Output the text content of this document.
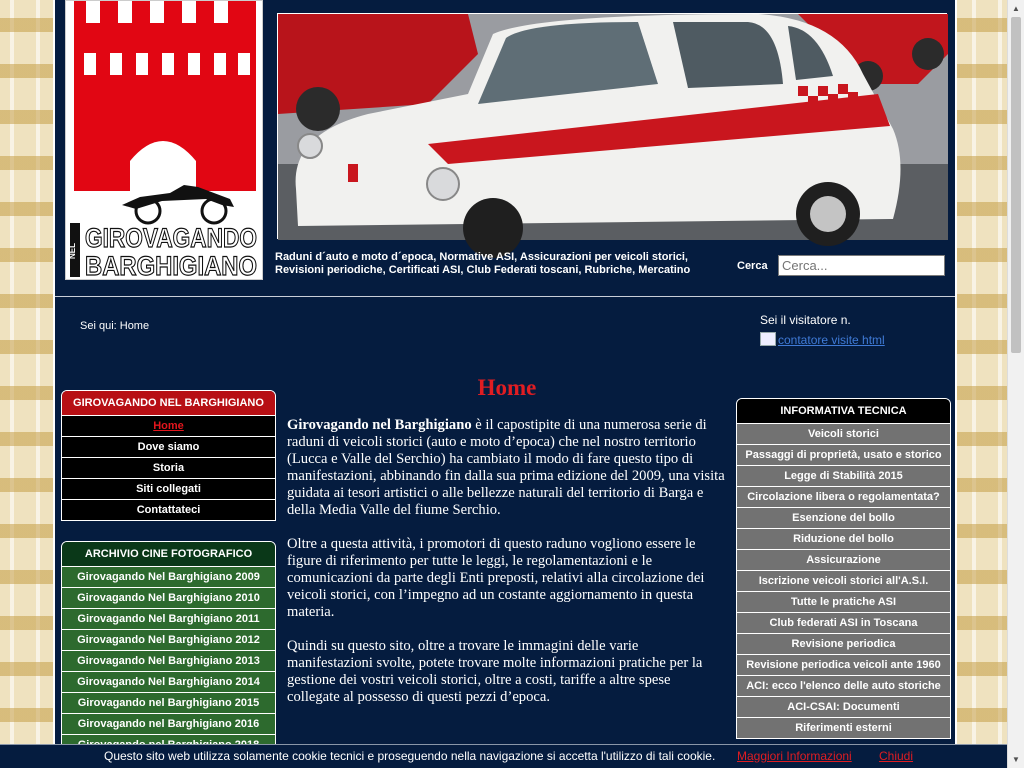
NEL GIROVAGANDO
BARGHIGIANO Raduni d´auto e moto d´epoca, Normative ASI, Assicurazioni per veicoli storici, Revisioni periodiche, Certificati ASI, Club Federati toscani, Rubriche, Mercatino	Cerca
Cerca...
Sei qui: Home	Sei il visitatore n.
contatore visite html
GIROVAGANDO NEL BARGHIGIANO
Home
Dove siamo
Storia
Siti collegati
Contattateci
ARCHIVIO CINE FOTOGRAFICO
Girovagando Nel Barghigiano 2009
Girovagando Nel Barghigiano 2010
Girovagando Nel Barghigiano 2011
Girovagando Nel Barghigiano 2012
Girovagando Nel Barghigiano 2013
Girovagando Nel Barghigiano 2014
Girovagando nel Barghigiano 2015
Girovagando nel Barghigiano 2016
Home

Girovagando nel Barghigiano è il capostipite di una numerosa serie di raduni di veicoli storici (auto e moto d’epoca) che nel nostro territorio (Lucca e Valle del Serchio) ha cambiato il modo di fare questo tipo di manifestazioni, abbinando fin dalla sua prima edizione del 2009, una visita guidata ai tesori artistici o alle bellezze naturali del territorio di Barga e della Media Valle del fiume Serchio.

Oltre a questa attività, i promotori di questo raduno vogliono essere le figure di riferimento per tutte le leggi, le regolamentazioni e le comunicazioni da parte degli Enti preposti, relativi alla circolazione dei veicoli storici, con l’impegno ad un costante aggiornamento in questa materia.

Quindi su questo sito, oltre a trovare le immagini delle varie manifestazioni svolte, potete trovare molte informazioni pratiche per la gestione dei vostri veicoli storici, oltre a costi, tariffe a altre spese collegate al possesso di questi pezzi d’epoca.

INFORMATIVA TECNICA
Veicoli storici
Passaggi di proprietà, usato e storico
Legge di Stabilità 2015
Circolazione libera o regolamentata?
Esenzione del bollo
Riduzione del bollo
Assicurazione
Iscrizione veicoli storici all'A.S.I.
Tutte le pratiche ASI
Club federati ASI in Toscana
Revisione periodica
Revisione periodica veicoli ante 1960
ACI: ecco l'elenco delle auto storiche
ACI-CSAI: Documenti
Riferimenti esterni
▲
▼
Questo sito web utilizza solamente cookie tecnici e proseguendo nella navigazione si accetta l'utilizzo di tali cookie. Maggiori Informazioni Chiudi
